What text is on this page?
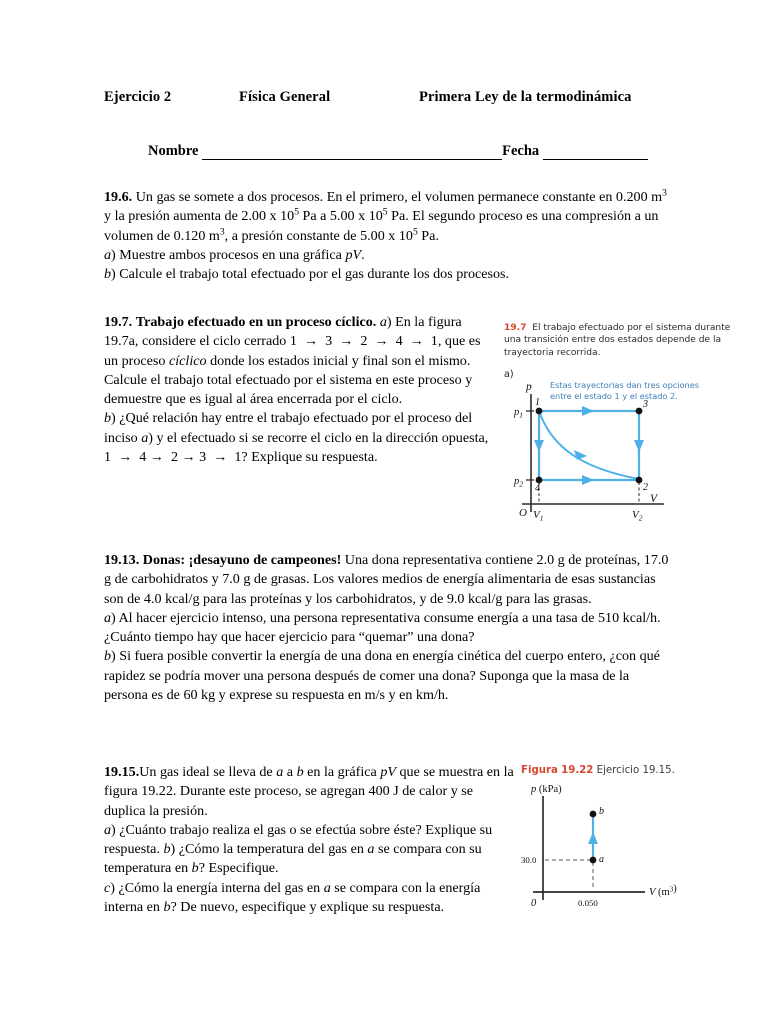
Ejercicio 2	Física General	Primera Ley de la termodinámica
Nombre	Fecha
19.6. Un gas se somete a dos procesos. En el primero, el volumen permanece constante en 0.200 $m^3$ y la presión aumenta de 2.00 x $10^5$ Pa a 5.00 x $10^5$ Pa. El segundo proceso es una compresión a un volumen de 0.120 $m^3$, a presión constante de 5.00 x $10^5$ Pa.
a) Muestre ambos procesos en una gráfica pV.
b) Calcule el trabajo total efectuado por el gas durante los dos procesos.
19.7. Trabajo efectuado en un proceso cíclico. a) En la figura 19.7a, considere el ciclo cerrado 1  →  3  →  2  →  4  →  1, que es un proceso cíclico donde los estados inicial y final son el mismo. Calcule el trabajo total efectuado por el sistema en este proceso y demuestre que es igual al área encerrada por el ciclo.
b) ¿Qué relación hay entre el trabajo efectuado por el proceso del inciso a) y el efectuado si se recorre el ciclo en la dirección opuesta, 1  →  4 →  2 → 3  →  1? Explique su respuesta.
19.13. Donas: ¡desayuno de campeones! Una dona representativa contiene 2.0 g de proteínas, 17.0 g de carbohidratos y 7.0 g de grasas. Los valores medios de energía alimentaria de esas sustancias son de 4.0 kcal/g para las proteínas y los carbohidratos, y de 9.0 kcal/g para las grasas.
a) Al hacer ejercicio intenso, una persona representativa consume energía a una tasa de 510 kcal/h. ¿Cuánto tiempo hay que hacer ejercicio para “quemar” una dona?
b) Si fuera posible convertir la energía de una dona en energía cinética del cuerpo entero, ¿con qué rapidez se podría mover una persona después de comer una dona? Suponga que la masa de la persona es de 60 kg y exprese su respuesta en m/s y en km/h.
19.15.Un gas ideal se lleva de a a b en la gráfica pV que se muestra en la figura 19.22. Durante este proceso, se agregan 400 J de calor y se duplica la presión.
a) ¿Cuánto trabajo realiza el gas o se efectúa sobre éste? Explique su respuesta. b) ¿Cómo la temperatura del gas en a se compara con su temperatura en b? Especifique.
c) ¿Cómo la energía interna del gas en a se compara con la energía interna en b? De nuevo, especifique y explique su respuesta.
19.7 El trabajo efectuado por el sistema durante una transición entre dos estados depende de la trayectoria recorrida.
a)
p
V
O
$p_1$
$p_2$
$V_1$	$V_2$
1	3
2
4
Estas trayectorias dan tres opciones entre el estado 1 y el estado 2.
Figura 19.22 Ejercicio 19.15.
p (kPa)
V $(m^3)$
0
30.0
0.050
a
b
